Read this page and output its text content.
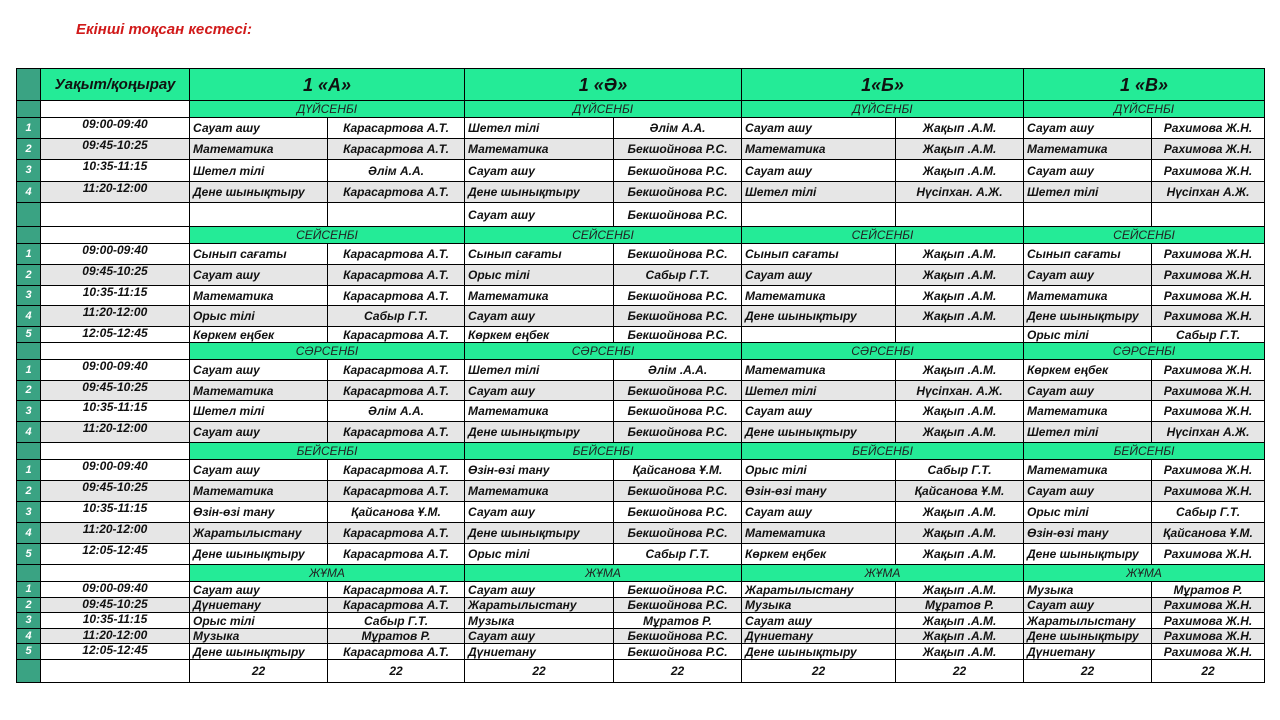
Екінші тоқсан кестесі:
	Уақыт/қоңырау	1 «А»		1 «Ә»		1«Б»		1 «В»	
		ДҮЙСЕНБІ		ДҮЙСЕНБІ		ДҮЙСЕНБІ		ДҮЙСЕНБІ	
1	09:00-09:40	Сауат ашу	Карасартова А.Т.	Шетел тілі	Әлім А.А.	Сауат ашу	Жақып .А.М.	Сауат ашу	Рахимова Ж.Н.
2	09:45-10:25	Математика	Карасартова А.Т.	Математика	Бекшойнова Р.С.	Математика	Жақып .А.М.	Математика	Рахимова Ж.Н.
3	10:35-11:15	Шетел тілі	Әлім А.А.	Сауат ашу	Бекшойнова Р.С.	Сауат ашу	Жақып .А.М.	Сауат ашу	Рахимова Ж.Н.
4	11:20-12:00	Дене шынықтыру	Карасартова А.Т.	Дене шынықтыру	Бекшойнова Р.С.	Шетел тілі	Нүсіпхан. А.Ж.	Шетел тілі	Нүсіпхан А.Ж.
				Сауат ашу	Бекшойнова Р.С.				
		СЕЙСЕНБІ		СЕЙСЕНБІ		СЕЙСЕНБІ		СЕЙСЕНБІ	
1	09:00-09:40	Сынып сағаты	Карасартова А.Т.	Сынып сағаты	Бекшойнова Р.С.	Сынып сағаты	Жақып .А.М.	Сынып сағаты	Рахимова Ж.Н.
2	09:45-10:25	Сауат ашу	Карасартова А.Т.	Орыс тілі	Сабыр Г.Т.	Сауат ашу	Жақып .А.М.	Сауат ашу	Рахимова Ж.Н.
3	10:35-11:15	Математика	Карасартова А.Т.	Математика	Бекшойнова Р.С.	Математика	Жақып .А.М.	Математика	Рахимова Ж.Н.
4	11:20-12:00	Орыс тілі	Сабыр Г.Т.	Сауат ашу	Бекшойнова Р.С.	Дене шынықтыру	Жақып .А.М.	Дене шынықтыру	Рахимова Ж.Н.
5	12:05-12:45	Көркем еңбек	Карасартова А.Т.	Көркем еңбек	Бекшойнова Р.С.			Орыс тілі	Сабыр Г.Т.
		СӘРСЕНБІ		СӘРСЕНБІ		СӘРСЕНБІ		СӘРСЕНБІ	
1	09:00-09:40	Сауат ашу	Карасартова А.Т.	Шетел тілі	Әлім .А.А.	Математика	Жақып .А.М.	Көркем еңбек	Рахимова Ж.Н.
2	09:45-10:25	Математика	Карасартова А.Т.	Сауат ашу	Бекшойнова Р.С.	Шетел тілі	Нүсіпхан. А.Ж.	Сауат ашу	Рахимова Ж.Н.
3	10:35-11:15	Шетел тілі	Әлім А.А.	Математика	Бекшойнова Р.С.	Сауат ашу	Жақып .А.М.	Математика	Рахимова Ж.Н.
4	11:20-12:00	Сауат ашу	Карасартова А.Т.	Дене шынықтыру	Бекшойнова Р.С.	Дене шынықтыру	Жақып .А.М.	Шетел тілі	Нүсіпхан А.Ж.
		БЕЙСЕНБІ		БЕЙСЕНБІ		БЕЙСЕНБІ		БЕЙСЕНБІ	
1	09:00-09:40	Сауат ашу	Карасартова А.Т.	Өзін-өзі тану	Қайсанова Ұ.М.	Орыс тілі	Сабыр Г.Т.	Математика	Рахимова Ж.Н.
2	09:45-10:25	Математика	Карасартова А.Т.	Математика	Бекшойнова Р.С.	Өзін-өзі тану	Қайсанова Ұ.М.	Сауат ашу	Рахимова Ж.Н.
3	10:35-11:15	Өзін-өзі тану	Қайсанова Ұ.М.	Сауат ашу	Бекшойнова Р.С.	Сауат ашу	Жақып .А.М.	Орыс тілі	Сабыр Г.Т.
4	11:20-12:00	Жаратылыстану	Карасартова А.Т.	Дене шынықтыру	Бекшойнова Р.С.	Математика	Жақып .А.М.	Өзін-өзі тану	Қайсанова Ұ.М.
5	12:05-12:45	Дене шынықтыру	Карасартова А.Т.	Орыс тілі	Сабыр Г.Т.	Көркем еңбек	Жақып .А.М.	Дене шынықтыру	Рахимова Ж.Н.
		ЖҰМА		ЖҰМА		ЖҰМА		ЖҰМА	
1	09:00-09:40	Сауат ашу	Карасартова А.Т.	Сауат ашу	Бекшойнова Р.С.	Жаратылыстану	Жақып .А.М.	Музыка	Мұратов Р.
2	09:45-10:25	Дүниетану	Карасартова А.Т.	Жаратылыстану	Бекшойнова Р.С.	Музыка	Мұратов Р.	Сауат ашу	Рахимова Ж.Н.
3	10:35-11:15	Орыс тілі	Сабыр Г.Т.	Музыка	Мұратов Р.	Сауат ашу	Жақып .А.М.	Жаратылыстану	Рахимова Ж.Н.
4	11:20-12:00	Музыка	Мұратов Р.	Сауат ашу	Бекшойнова Р.С.	Дүниетану	Жақып .А.М.	Дене шынықтыру	Рахимова Ж.Н.
5	12:05-12:45	Дене шынықтыру	Карасартова А.Т.	Дүниетану	Бекшойнова Р.С.	Дене шынықтыру	Жақып .А.М.	Дүниетану	Рахимова Ж.Н.
		22	22	22	22	22	22	22	22
